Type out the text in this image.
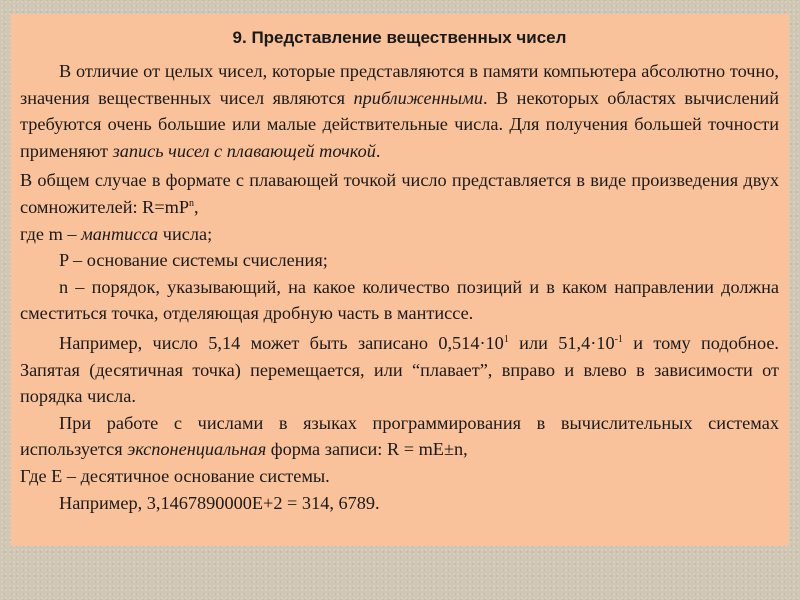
9. Представление вещественных чисел

В отличие от целых чисел, которые представляются в памяти компьютера абсолютно точно, значения вещественных чисел являются приближенными. В некоторых областях вычислений требуются очень большие или малые действительные числа. Для получения большей точности применяют запись чисел с плавающей точкой.

В общем случае в формате с плавающей точкой число представляется в виде произведения двух сомножителей: $R=mP^n$,

где m – мантисса числа;

P – основание системы счисления;

n – порядок, указывающий, на какое количество позиций и в каком направлении должна сместиться точка, отделяющая дробную часть в мантиссе.

Например, число 5,14 может быть записано $0,514\cdot 10^1$ или $51,4\cdot 10^{-1}$ и тому подобное. Запятая (десятичная точка) перемещается, или “плавает”, вправо и влево в зависимости от порядка числа.

При работе с числами в языках программирования в вычислительных системах используется экспоненциальная форма записи: R = mE±n,

Где E – десятичное основание системы.

Например, 3,1467890000E+2 = 314, 6789.
